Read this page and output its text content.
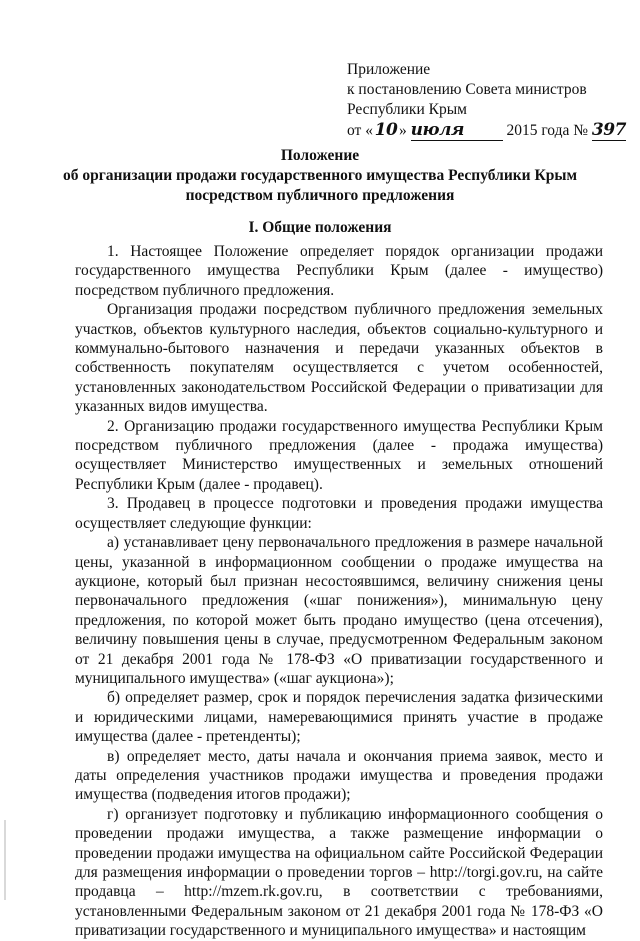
Приложение
к постановлению Совета министров
Республики Крым
от «10 » июля	2015 года № 397
Положение
об организации продажи государственного имущества Республики Крым
посредством публичного предложения
I. Общие положения

1. Настоящее Положение определяет порядок организации продажи государственного имущества Республики Крым (далее - имущество) посредством публичного предложения.

Организация продажи посредством публичного предложения земельных участков, объектов культурного наследия, объектов социально-культурного и коммунально-бытового назначения и передачи указанных объектов в собственность покупателям осуществляется с учетом особенностей, установленных законодательством Российской Федерации о приватизации для указанных видов имущества.

2. Организацию продажи государственного имущества Республики Крым посредством публичного предложения (далее - продажа имущества) осуществляет Министерство имущественных и земельных отношений Республики Крым (далее - продавец).

3. Продавец в процессе подготовки и проведения продажи имущества осуществляет следующие функции:

а) устанавливает цену первоначального предложения в размере начальной цены, указанной в информационном сообщении о продаже имущества на аукционе, который был признан несостоявшимся, величину снижения цены первоначального предложения («шаг понижения»), минимальную цену предложения, по которой может быть продано имущество (цена отсечения), величину повышения цены в случае, предусмотренном Федеральным законом от 21 декабря 2001 года № 178-ФЗ «О приватизации государственного и муниципального имущества» («шаг аукциона»);

б) определяет размер, срок и порядок перечисления задатка физическими и юридическими лицами, намеревающимися принять участие в продаже имущества (далее - претенденты);

в) определяет место, даты начала и окончания приема заявок, место и даты определения участников продажи имущества и проведения продажи имущества (подведения итогов продажи);

г) организует подготовку и публикацию информационного сообщения о проведении продажи имущества, а также размещение информации о проведении продажи имущества на официальном сайте Российской Федерации для размещения информации о проведении торгов – http://torgi.gov.ru, на сайте продавца – http://mzem.rk.gov.ru, в соответствии с требованиями, установленными Федеральным законом от 21 декабря 2001 года № 178-ФЗ «О приватизации государственного и муниципального имущества» и настоящим
